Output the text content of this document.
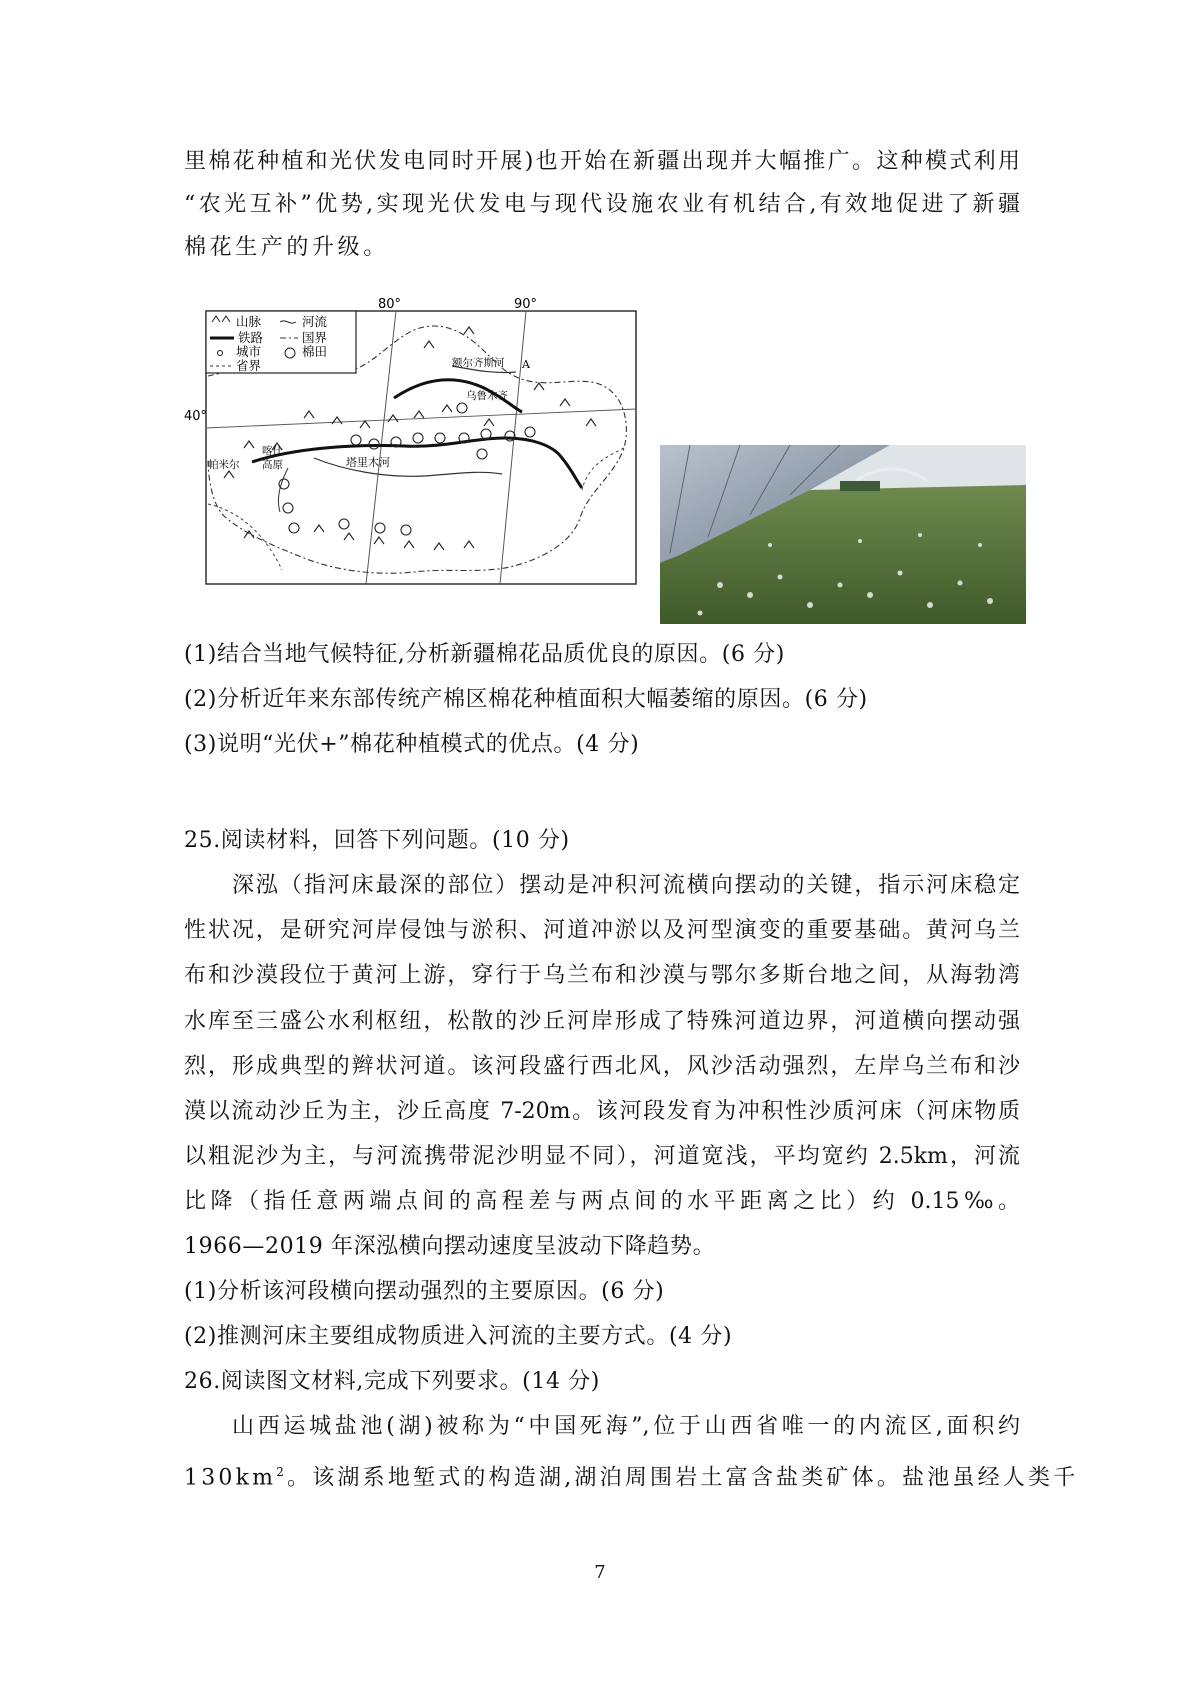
里棉花种植和光伏发电同时开展)也开始在新疆出现并大幅推广。这种模式利用
“农光互补”优势,实现光伏发电与现代设施农业有机结合,有效地促进了新疆
棉花生产的升级。
山脉
铁路
城市
省界
河流
国界
棉田
80°	90°
40°
额尔齐斯河 A
乌鲁木齐
塔里木河
喀什
高原
帕米尔
(1)结合当地气候特征,分析新疆棉花品质优良的原因。(6 分)
(2)分析近年来东部传统产棉区棉花种植面积大幅萎缩的原因。(6 分)
(3)说明“光伏+”棉花种植模式的优点。(4 分)
25.阅读材料，回答下列问题。(10 分)
深泓（指河床最深的部位）摆动是冲积河流横向摆动的关键，指示河床稳定
性状况，是研究河岸侵蚀与淤积、河道冲淤以及河型演变的重要基础。黄河乌兰
布和沙漠段位于黄河上游，穿行于乌兰布和沙漠与鄂尔多斯台地之间，从海勃湾
水库至三盛公水利枢纽，松散的沙丘河岸形成了特殊河道边界，河道横向摆动强
烈，形成典型的辫状河道。该河段盛行西北风，风沙活动强烈，左岸乌兰布和沙
漠以流动沙丘为主，沙丘高度 7-20m。该河段发育为冲积性沙质河床（河床物质
以粗泥沙为主，与河流携带泥沙明显不同），河道宽浅，平均宽约 2.5km，河流
比降（指任意两端点间的高程差与两点间的水平距离之比）约 0.15‰。
1966—2019 年深泓横向摆动速度呈波动下降趋势。
(1)分析该河段横向摆动强烈的主要原因。(6 分)
(2)推测河床主要组成物质进入河流的主要方式。(4 分)
26.阅读图文材料,完成下列要求。(14 分)
山西运城盐池(湖)被称为“中国死海”,位于山西省唯一的内流区,面积约
$130km^2$。该湖系地堑式的构造湖,湖泊周围岩土富含盐类矿体。盐池虽经人类千
7
